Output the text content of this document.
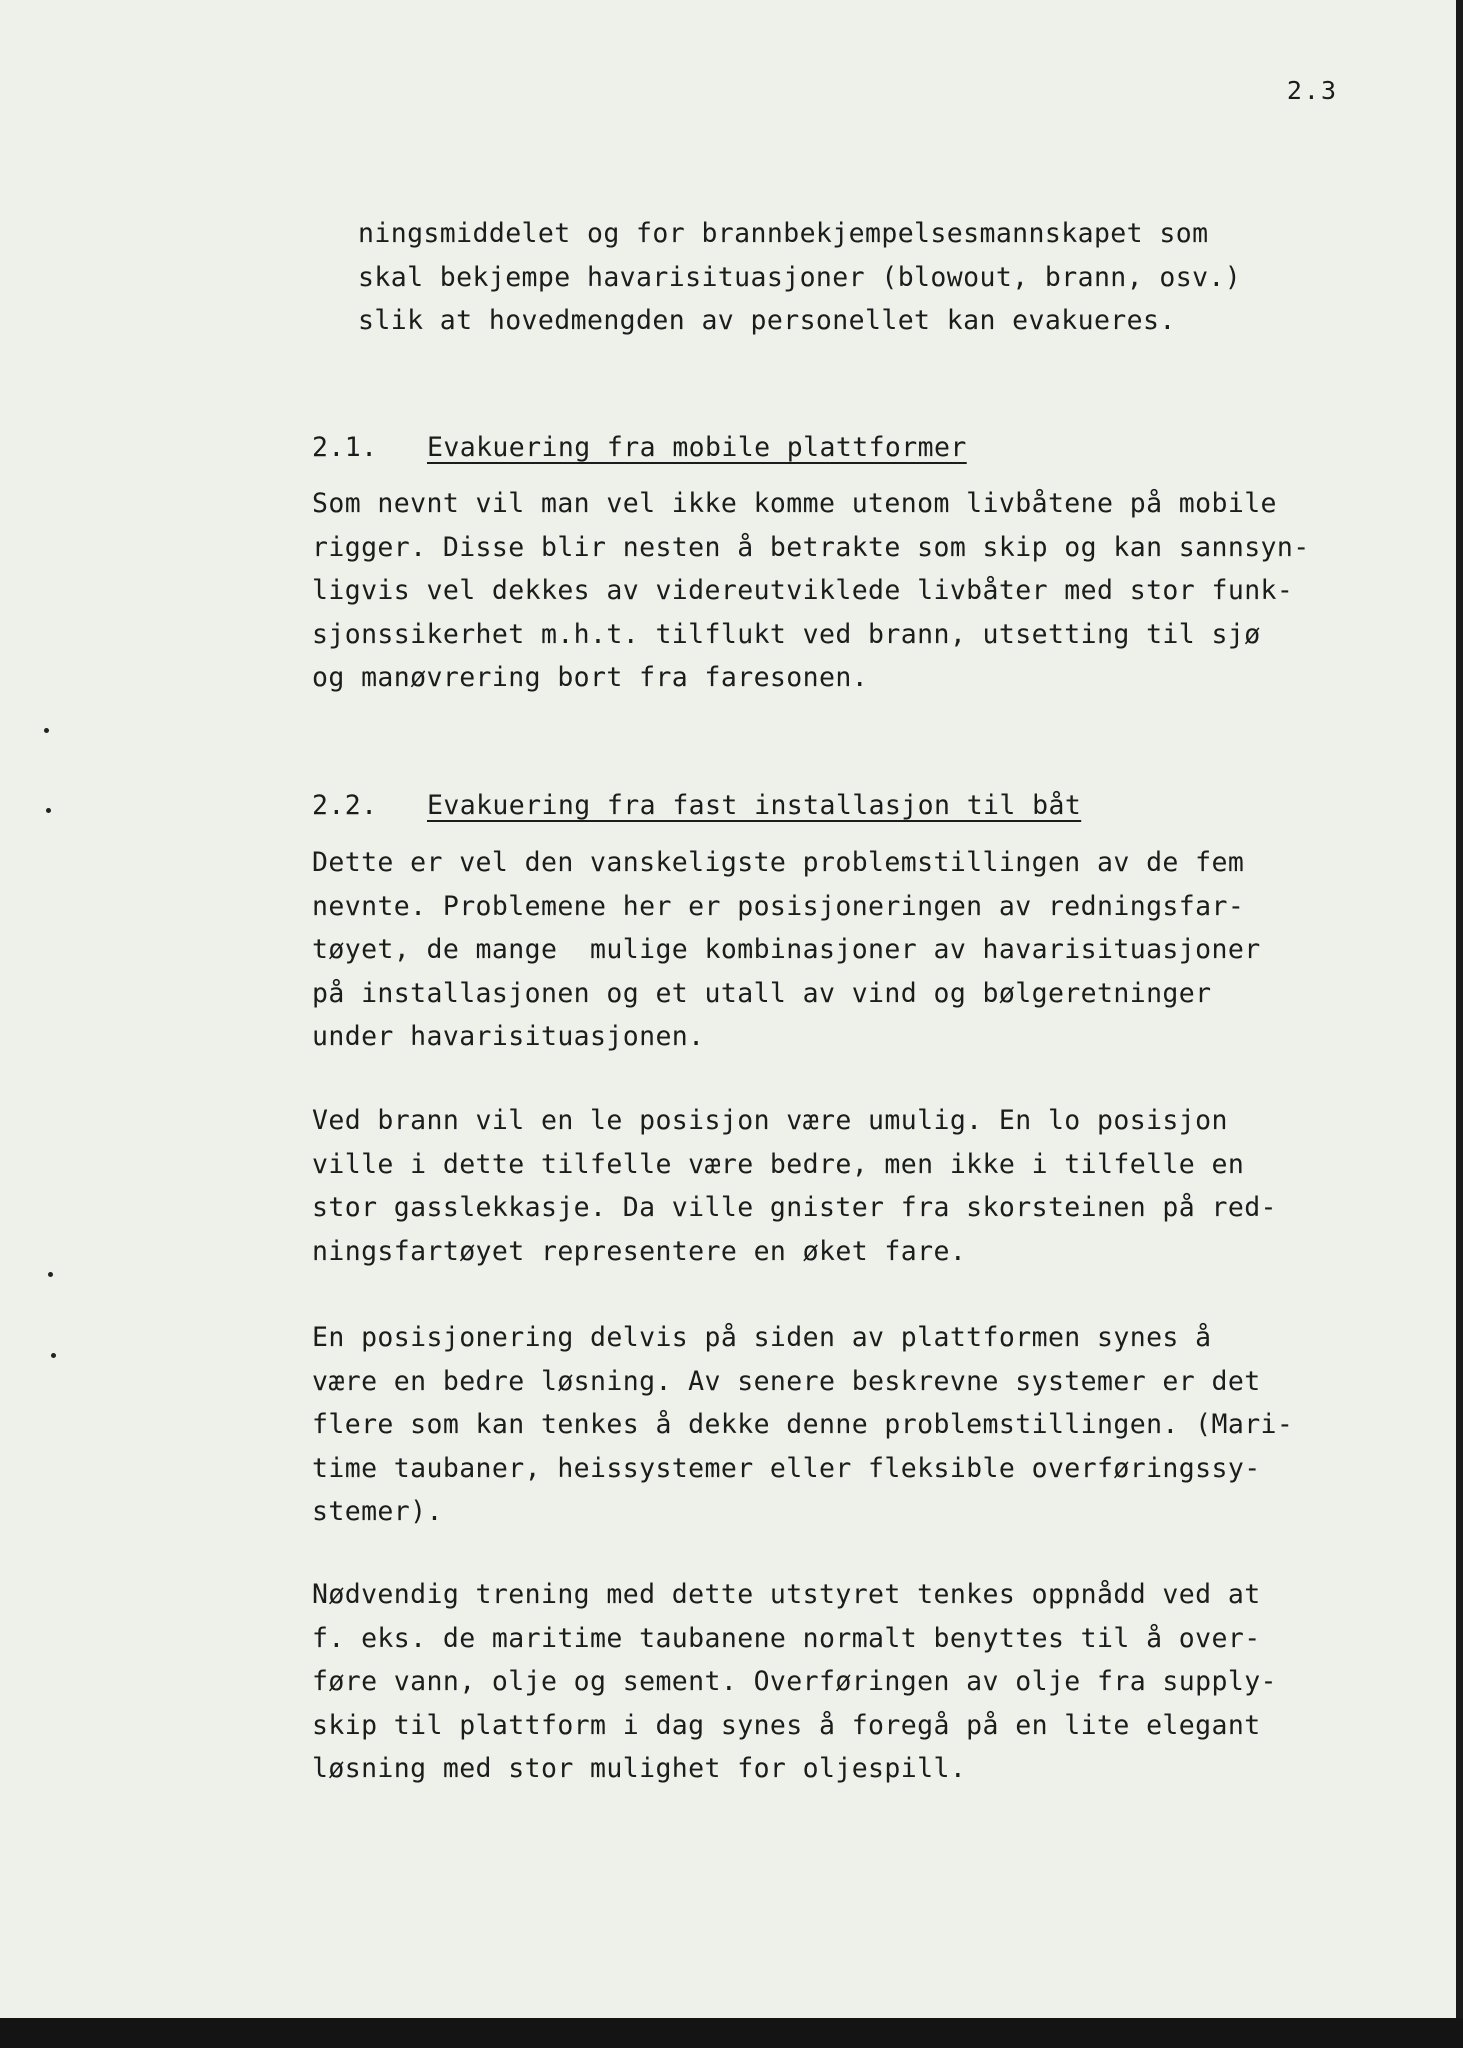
2.3

ningsmiddelet og for brannbekjempelsesmannskapet som
skal bekjempe havarisituasjoner (blowout, brann, osv.)
slik at hovedmengden av personellet kan evakueres.

2.1. Evakuering fra mobile plattformer

Som nevnt vil man vel ikke komme utenom livbåtene på mobile
rigger. Disse blir nesten å betrakte som skip og kan sannsyn-
ligvis vel dekkes av videreutviklede livbåter med stor funk-
sjonssikerhet m.h.t. tilflukt ved brann, utsetting til sjø
og manøvrering bort fra faresonen.

2.2. Evakuering fra fast installasjon til båt

Dette er vel den vanskeligste problemstillingen av de fem
nevnte. Problemene her er posisjoneringen av redningsfar-
tøyet, de mange  mulige kombinasjoner av havarisituasjoner
på installasjonen og et utall av vind og bølgeretninger
under havarisituasjonen.

Ved brann vil en le posisjon være umulig. En lo posisjon
ville i dette tilfelle være bedre, men ikke i tilfelle en
stor gasslekkasje. Da ville gnister fra skorsteinen på red-
ningsfartøyet representere en øket fare.

En posisjonering delvis på siden av plattformen synes å
være en bedre løsning. Av senere beskrevne systemer er det
flere som kan tenkes å dekke denne problemstillingen. (Mari-
time taubaner, heissystemer eller fleksible overføringssy-
stemer).

Nødvendig trening med dette utstyret tenkes oppnådd ved at
f. eks. de maritime taubanene normalt benyttes til å over-
føre vann, olje og sement. Overføringen av olje fra supply-
skip til plattform i dag synes å foregå på en lite elegant
løsning med stor mulighet for oljespill.
